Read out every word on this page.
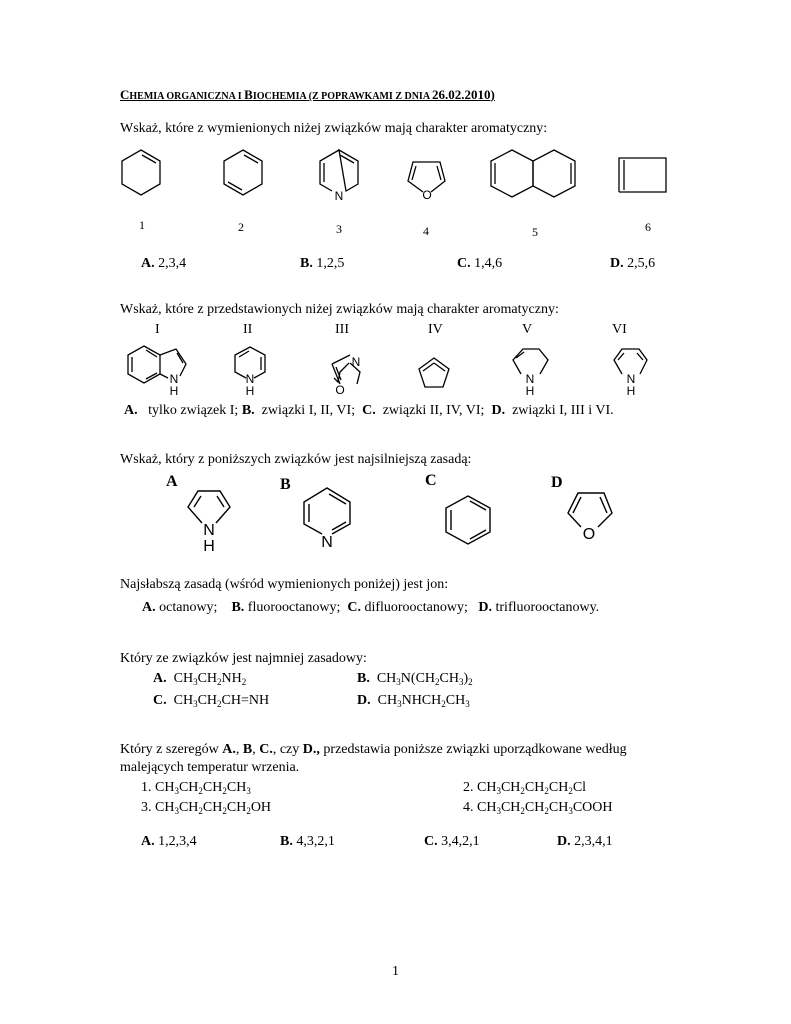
CHEMIA ORGANICZNA I BIOCHEMIA (Z POPRAWKAMI Z DNIA 26.02.2010)
Wskaż, które z wymienionych niżej związków mają charakter aromatyczny:
N	O
1	2	3	4	5	6
A. 2,3,4	B. 1,2,5	C. 1,4,6	D. 2,5,6
Wskaż, które z przedstawionych niżej związków mają charakter aromatyczny:
I	II	III	IV	V	VI
N
H
N
H
N
O
N
H
N
H
A. tylko związek I; B. związki I, II, VI; C. związki II, IV, VI; D. związki I, III i VI.
Wskaż, który z poniższych związków jest najsilniejszą zasadą:
A	B	C	D
N
H	N	O
Najsłabszą zasadą (wśród wymienionych poniżej) jest jon:
A. octanowy; B. fluorooctanowy; C. difluorooctanowy; D. trifluorooctanowy.
Który ze związków jest najmniej zasadowy:
A. $CH_3CH_2NH_2$	B. $CH_3N(CH_2CH_3)_2$
C. $CH_3CH_2CH=NH$	D. $CH_3NHCH_2CH_3$
Który z szeregów A., B, C., czy D., przedstawia poniższe związki uporządkowane według
malejących temperatur wrzenia.
1. $CH_3CH_2CH_2CH_3$	2. $CH_3CH_2CH_2CH_2Cl$
3. $CH_3CH_2CH_2CH_2OH$	4. $CH_3CH_2CH_2CH_3COOH$
A. 1,2,3,4	B. 4,3,2,1	C. 3,4,2,1	D. 2,3,4,1
1
